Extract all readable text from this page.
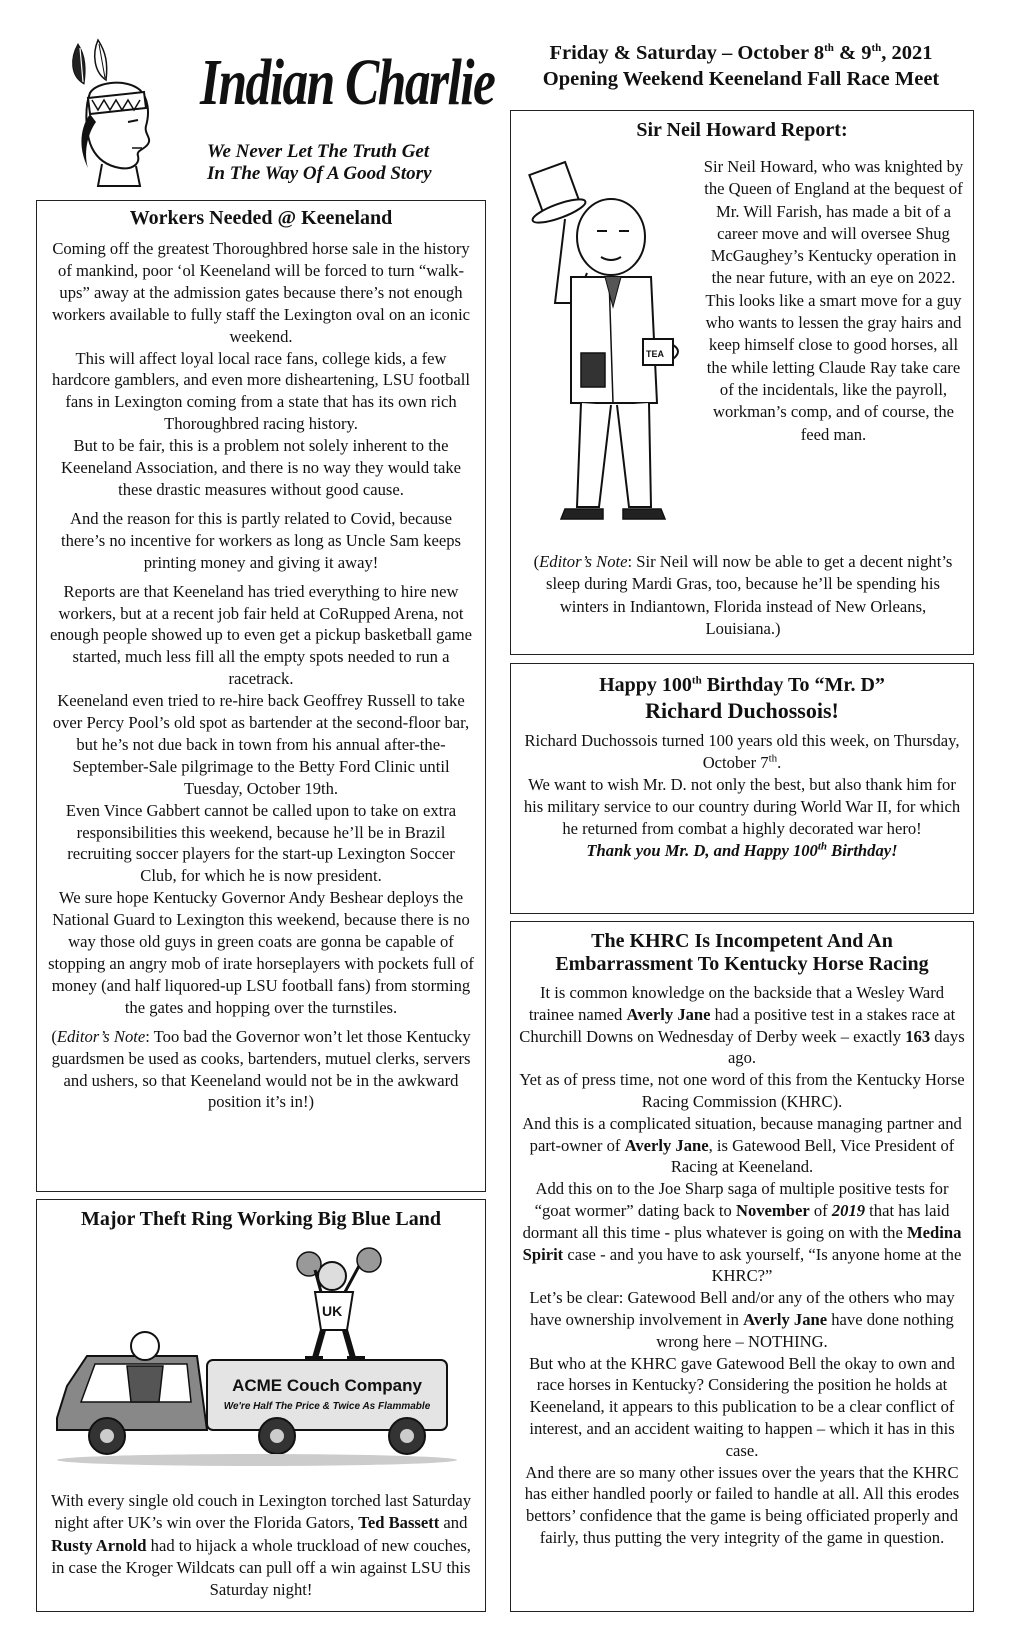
Indian Charlie
We Never Let The Truth Get
In The Way Of A Good Story
Friday & Saturday – October 8th & 9th, 2021
Opening Weekend Keeneland Fall Race Meet
Workers Needed @ Keeneland

Coming off the greatest Thoroughbred horse sale in the history of mankind, poor ‘ol Keeneland will be forced to turn “walk-ups” away at the admission gates because there’s not enough workers available to fully staff the Lexington oval on an iconic weekend.

This will affect loyal local race fans, college kids, a few hardcore gamblers, and even more disheartening, LSU football fans in Lexington coming from a state that has its own rich Thoroughbred racing history.

But to be fair, this is a problem not solely inherent to the Keeneland Association, and there is no way they would take these drastic measures without good cause.

And the reason for this is partly related to Covid, because there’s no incentive for workers as long as Uncle Sam keeps printing money and giving it away!

Reports are that Keeneland has tried everything to hire new workers, but at a recent job fair held at CoRupped Arena, not enough people showed up to even get a pickup basketball game started, much less fill all the empty spots needed to run a racetrack.

Keeneland even tried to re-hire back Geoffrey Russell to take over Percy Pool’s old spot as bartender at the second-floor bar, but he’s not due back in town from his annual after-the-September-Sale pilgrimage to the Betty Ford Clinic until Tuesday, October 19th.

Even Vince Gabbert cannot be called upon to take on extra responsibilities this weekend, because he’ll be in Brazil recruiting soccer players for the start-up Lexington Soccer Club, for which he is now president.

We sure hope Kentucky Governor Andy Beshear deploys the National Guard to Lexington this weekend, because there is no way those old guys in green coats are gonna be capable of stopping an angry mob of irate horseplayers with pockets full of money (and half liquored-up LSU football fans) from storming the gates and hopping over the turnstiles.

(Editor’s Note: Too bad the Governor won’t let those Kentucky guardsmen be used as cooks, bartenders, mutuel clerks, servers and ushers, so that Keeneland would not be in the awkward position it’s in!)

Major Theft Ring Working Big Blue Land
UK
ACME Couch Company
We're Half The Price & Twice As Flammable
With every single old couch in Lexington torched last Saturday night after UK’s win over the Florida Gators, Ted Bassett and Rusty Arnold had to hijack a whole truckload of new couches, in case the Kroger Wildcats can pull off a win against LSU this Saturday night!
Sir Neil Howard Report:
TEA

Sir Neil Howard, who was knighted by the Queen of England at the bequest of Mr. Will Farish, has made a bit of a career move and will oversee Shug McGaughey’s Kentucky operation in the near future, with an eye on 2022.

This looks like a smart move for a guy who wants to lessen the gray hairs and keep himself close to good horses, all the while letting Claude Ray take care of the incidentals, like the payroll, workman’s comp, and of course, the feed man.

(Editor’s Note: Sir Neil will now be able to get a decent night’s sleep during Mardi Gras, too, because he’ll be spending his winters in Indiantown, Florida instead of New Orleans, Louisiana.)
Happy 100th Birthday To “Mr. D”
Richard Duchossois!

Richard Duchossois turned 100 years old this week, on Thursday, October 7th.

We want to wish Mr. D. not only the best, but also thank him for his military service to our country during World War II, for which he returned from combat a highly decorated war hero!

Thank you Mr. D, and Happy 100th Birthday!

The KHRC Is Incompetent And An
Embarrassment To Kentucky Horse Racing

It is common knowledge on the backside that a Wesley Ward trainee named Averly Jane had a positive test in a stakes race at Churchill Downs on Wednesday of Derby week – exactly 163 days ago.

Yet as of press time, not one word of this from the Kentucky Horse Racing Commission (KHRC).

And this is a complicated situation, because managing partner and part-owner of Averly Jane, is Gatewood Bell, Vice President of Racing at Keeneland.

Add this on to the Joe Sharp saga of multiple positive tests for “goat wormer” dating back to November of 2019 that has laid dormant all this time - plus whatever is going on with the Medina Spirit case - and you have to ask yourself, “Is anyone home at the KHRC?”

Let’s be clear: Gatewood Bell and/or any of the others who may have ownership involvement in Averly Jane have done nothing wrong here – NOTHING.

But who at the KHRC gave Gatewood Bell the okay to own and race horses in Kentucky? Considering the position he holds at Keeneland, it appears to this publication to be a clear conflict of interest, and an accident waiting to happen – which it has in this case.

And there are so many other issues over the years that the KHRC has either handled poorly or failed to handle at all. All this erodes bettors’ confidence that the game is being officiated properly and fairly, thus putting the very integrity of the game in question.
